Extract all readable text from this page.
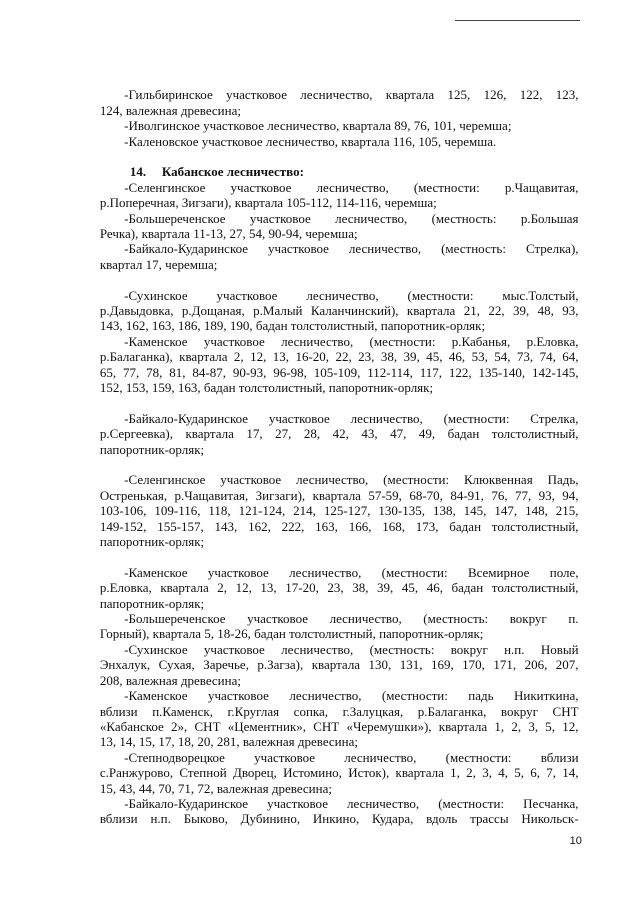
-Гильбиринское участковое лесничество, квартала 125, 126, 122, 123,
124, валежная древесина;
-Иволгинское участковое лесничество, квартала 89, 76, 101, черемша;
-Каленовское участковое лесничество, квартала 116, 105, черемша.
14. Кабанское лесничество:
-Селенгинское участковое лесничество, (местности: р.Чащавитая,
р.Поперечная, Зигзаги), квартала 105-112, 114-116, черемша;
-Большереченское участковое лесничество, (местность: р.Большая
Речка), квартала 11-13, 27, 54, 90-94, черемша;
-Байкало-Кударинское участковое лесничество, (местность: Стрелка),
квартал 17, черемша;
-Сухинское участковое лесничество, (местности: мыс.Толстый,
р.Давыдовка, р.Дощаная, р.Малый Каланчинский), квартала 21, 22, 39, 48, 93,
143, 162, 163, 186, 189, 190, бадан толстолистный, папоротник-орляк;
-Каменское участковое лесничество, (местности: р.Кабанья, р.Еловка,
р.Балаганка), квартала 2, 12, 13, 16-20, 22, 23, 38, 39, 45, 46, 53, 54, 73, 74, 64,
65, 77, 78, 81, 84-87, 90-93, 96-98, 105-109, 112-114, 117, 122, 135-140, 142-145,
152, 153, 159, 163, бадан толстолистный, папоротник-орляк;
-Байкало-Кударинское участковое лесничество, (местности: Стрелка,
р.Сергеевка), квартала 17, 27, 28, 42, 43, 47, 49, бадан толстолистный,
папоротник-орляк;
-Селенгинское участковое лесничество, (местности: Клюквенная Падь,
Остренькая, р.Чащавитая, Зигзаги), квартала 57-59, 68-70, 84-91, 76, 77, 93, 94,
103-106, 109-116, 118, 121-124, 214, 125-127, 130-135, 138, 145, 147, 148, 215,
149-152, 155-157, 143, 162, 222, 163, 166, 168, 173, бадан толстолистный,
папоротник-орляк;
-Каменское участковое лесничество, (местности: Всемирное поле,
р.Еловка, квартала 2, 12, 13, 17-20, 23, 38, 39, 45, 46, бадан толстолистный,
папоротник-орляк;
-Большереченское участковое лесничество, (местность: вокруг п.
Горный), квартала 5, 18-26, бадан толстолистный, папоротник-орляк;
-Сухинское участковое лесничество, (местность: вокруг н.п. Новый
Энхалук, Сухая, Заречье, р.Загза), квартала 130, 131, 169, 170, 171, 206, 207,
208, валежная древесина;
-Каменское участковое лесничество, (местности: падь Никиткина,
вблизи п.Каменск, г.Круглая сопка, г.Залуцкая, р.Балаганка, вокруг СНТ
«Кабанское 2», СНТ «Цементник», СНТ «Черемушки»), квартала 1, 2, 3, 5, 12,
13, 14, 15, 17, 18, 20, 281, валежная древесина;
-Степнодворецкое участковое лесничество, (местности: вблизи
с.Ранжурово, Степной Дворец, Истомино, Исток), квартала 1, 2, 3, 4, 5, 6, 7, 14,
15, 43, 44, 70, 71, 72, валежная древесина;
-Байкало-Кударинское участковое лесничество, (местности: Песчанка,
вблизи н.п. Быково, Дубинино, Инкино, Кудара, вдоль трассы Никольск-
10
